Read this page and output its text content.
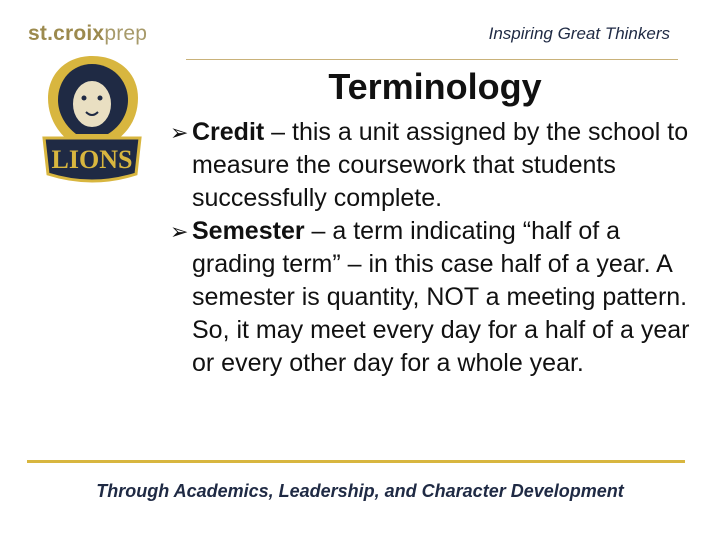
st.croixprep
LIONS
Inspiring Great Thinkers
Terminology

➢ Credit – this a unit assigned by the school to measure the coursework that students successfully complete.

➢ Semester – a term indicating “half of a grading term” – in this case half of a year. A semester is quantity, NOT a meeting pattern. So, it may meet every day for a half of a year or every other day for a whole year.

Through Academics, Leadership, and Character Development
